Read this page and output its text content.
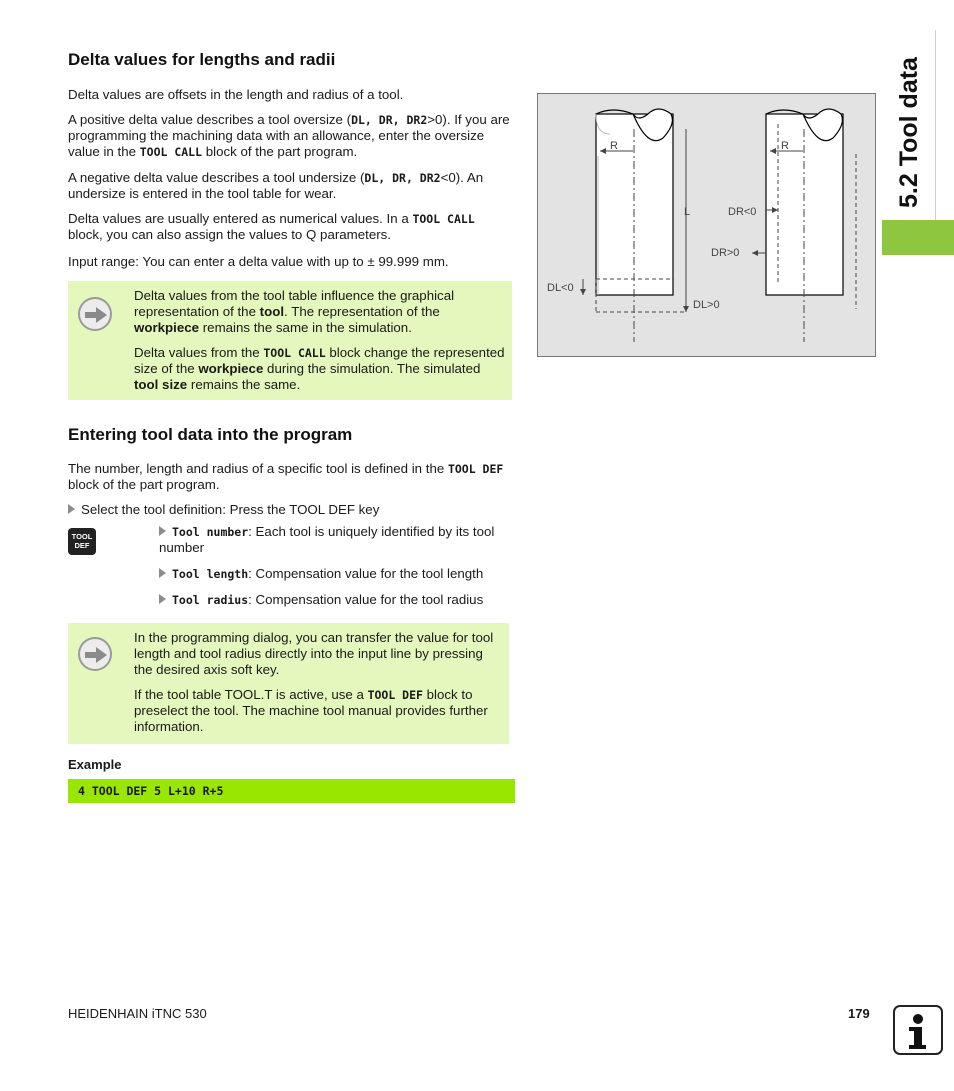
Delta values for lengths and radii

Delta values are offsets in the length and radius of a tool.

A positive delta value describes a tool oversize (DL, DR, DR2>0). If you are programming the machining data with an allowance, enter the oversize value in the TOOL CALL block of the part program.

A negative delta value describes a tool undersize (DL, DR, DR2<0). An undersize is entered in the tool table for wear.

Delta values are usually entered as numerical values. In a TOOL CALL block, you can also assign the values to Q parameters.

Input range: You can enter a delta value with up to ± 99.999 mm.

Delta values from the tool table influence the graphical representation of the tool. The representation of the workpiece remains the same in the simulation.

Delta values from the TOOL CALL block change the represented size of the workpiece during the simulation. The simulated tool size remains the same.

Entering tool data into the program

The number, length and radius of a specific tool is defined in the TOOL DEF block of the part program.

Select the tool definition: Press the TOOL DEF key

TOOL
DEF

Tool number: Each tool is uniquely identified by its tool number

Tool length: Compensation value for the tool length

Tool radius: Compensation value for the tool radius

In the programming dialog, you can transfer the value for tool length and tool radius directly into the input line by pressing the desired axis soft key.

If the tool table TOOL.T is active, use a TOOL DEF block to preselect the tool. The machine tool manual provides further information.

Example
4 TOOL DEF 5 L+10 R+5
R	R
L	DR<0
DR>0
DL<0
DL>0
5.2 Tool data
HEIDENHAIN iTNC 530	179
